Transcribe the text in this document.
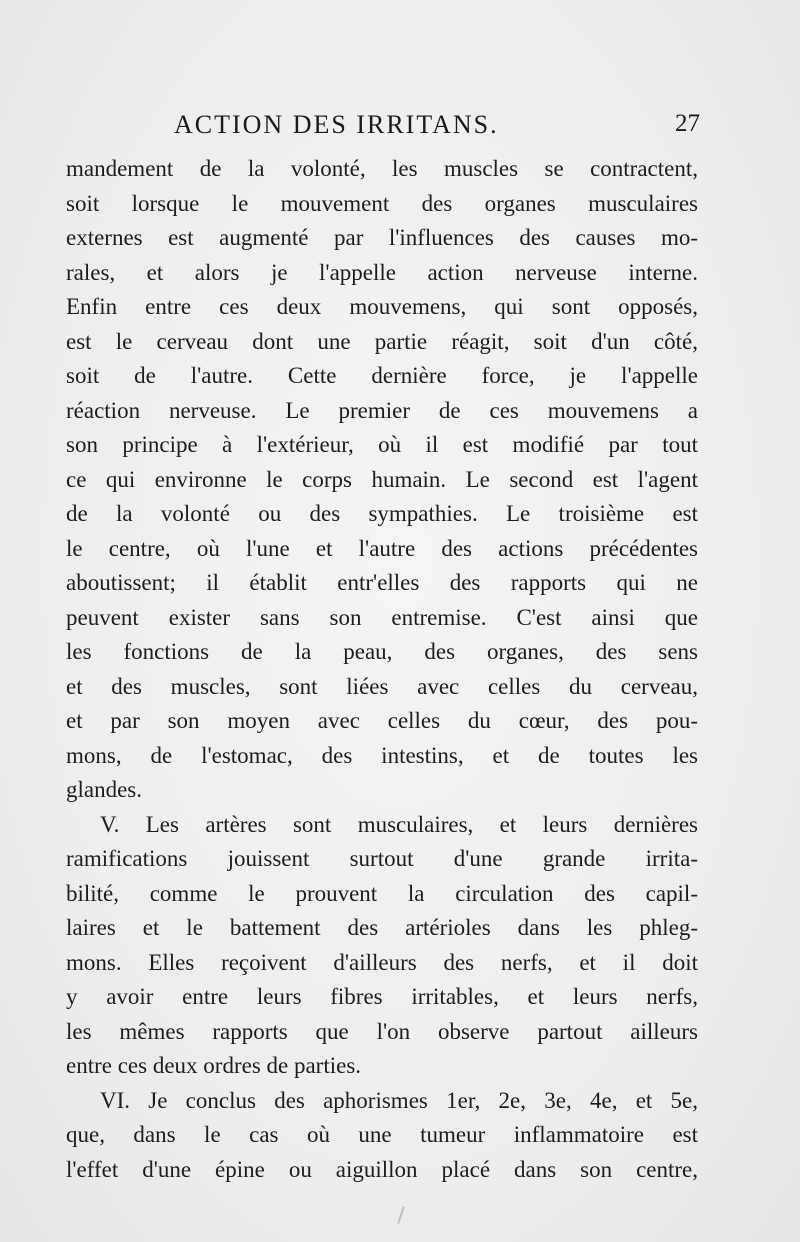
ACTION DES IRRITANS.	27
mandement de la volonté, les muscles se contractent,
soit lorsque le mouvement des organes musculaires
externes est augmenté par l'influences des causes mo-
rales, et alors je l'appelle action nerveuse interne.
Enfin entre ces deux mouvemens, qui sont opposés,
est le cerveau dont une partie réagit, soit d'un côté,
soit de l'autre. Cette dernière force, je l'appelle
réaction nerveuse. Le premier de ces mouvemens a
son principe à l'extérieur, où il est modifié par tout
ce qui environne le corps humain. Le second est l'agent
de la volonté ou des sympathies. Le troisième est
le centre, où l'une et l'autre des actions précédentes
aboutissent; il établit entr'elles des rapports qui ne
peuvent exister sans son entremise. C'est ainsi que
les fonctions de la peau, des organes, des sens
et des muscles, sont liées avec celles du cerveau,
et par son moyen avec celles du cœur, des pou-
mons, de l'estomac, des intestins, et de toutes les
glandes.
V. Les artères sont musculaires, et leurs dernières
ramifications jouissent surtout d'une grande irrita-
bilité, comme le prouvent la circulation des capil-
laires et le battement des artérioles dans les phleg-
mons. Elles reçoivent d'ailleurs des nerfs, et il doit
y avoir entre leurs fibres irritables, et leurs nerfs,
les mêmes rapports que l'on observe partout ailleurs
entre ces deux ordres de parties.
VI. Je conclus des aphorismes 1er, 2e, 3e, 4e, et 5e,
que, dans le cas où une tumeur inflammatoire est
l'effet d'une épine ou aiguillon placé dans son centre,
